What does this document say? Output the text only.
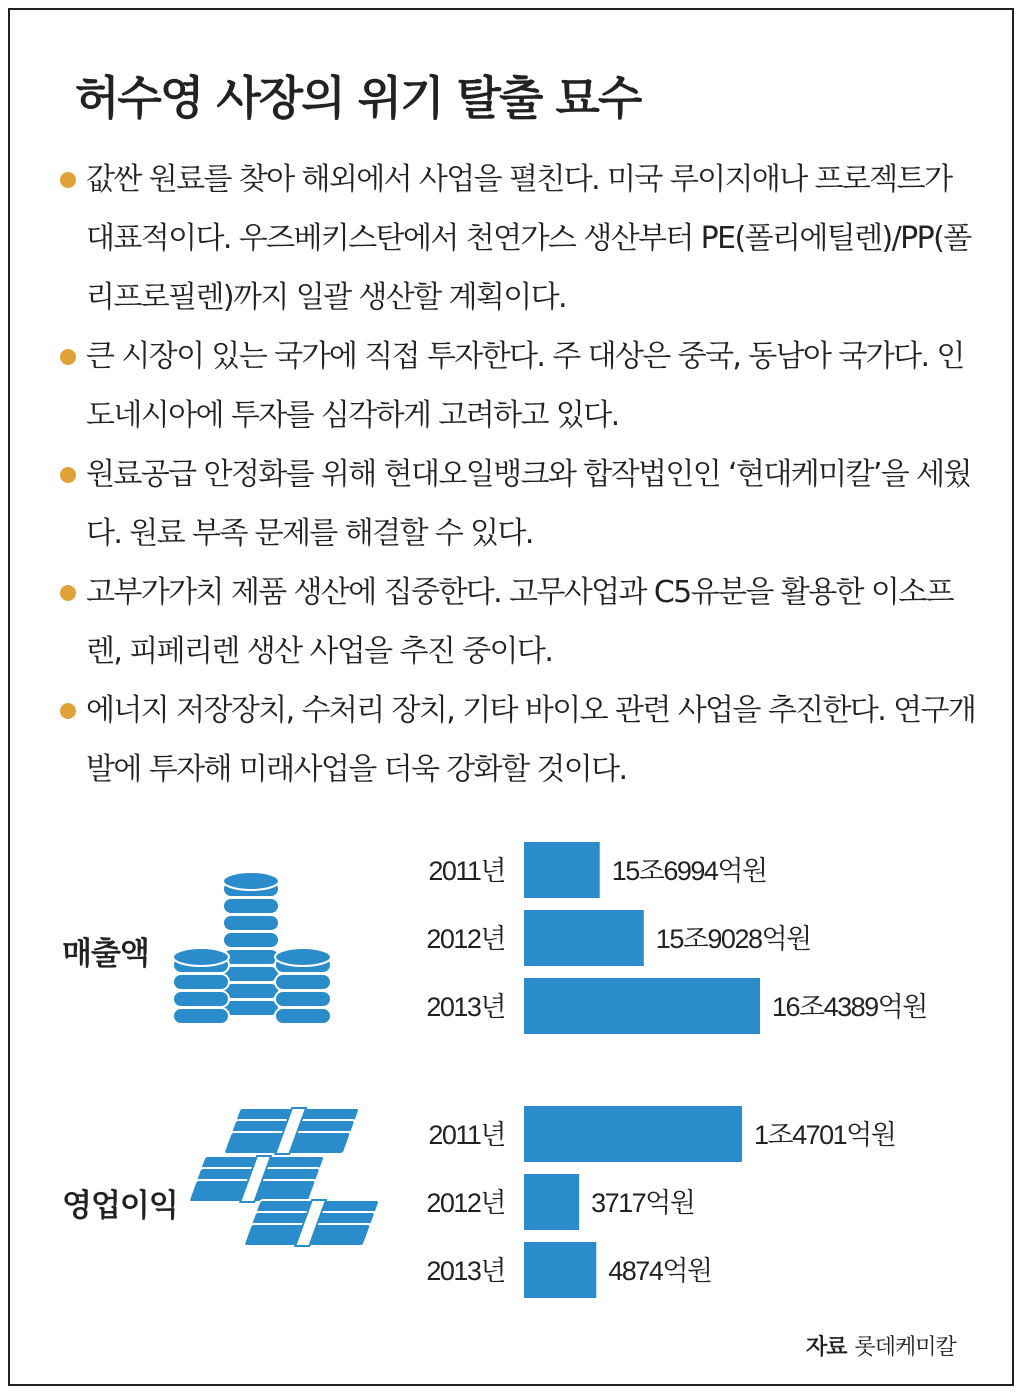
허수영 사장의 위기 탈출 묘수
값싼 원료를 찾아 해외에서 사업을 펼친다. 미국 루이지애나 프로젝트가 대표적이다. 우즈베키스탄에서 천연가스 생산부터 PE(폴리에틸렌)/PP(폴리프로필렌)까지 일괄 생산할 계획이다.
큰 시장이 있는 국가에 직접 투자한다. 주 대상은 중국, 동남아 국가다. 인도네시아에 투자를 심각하게 고려하고 있다.
원료공급 안정화를 위해 현대오일뱅크와 합작법인인 ‘현대케미칼’을 세웠다. 원료 부족 문제를 해결할 수 있다.
고부가가치 제품 생산에 집중한다. 고무사업과 C5유분을 활용한 이소프렌, 피페리렌 생산 사업을 추진 중이다.
에너지 저장장치, 수처리 장치, 기타 바이오 관련 사업을 추진한다. 연구개발에 투자해 미래사업을 더욱 강화할 것이다.
매출액
영업이익
2011년	15조6994억원
2012년	15조9028억원
2013년	16조4389억원
2011년	1조4701억원
2012년	3717억원
2013년	4874억원
자료 롯데케미칼
